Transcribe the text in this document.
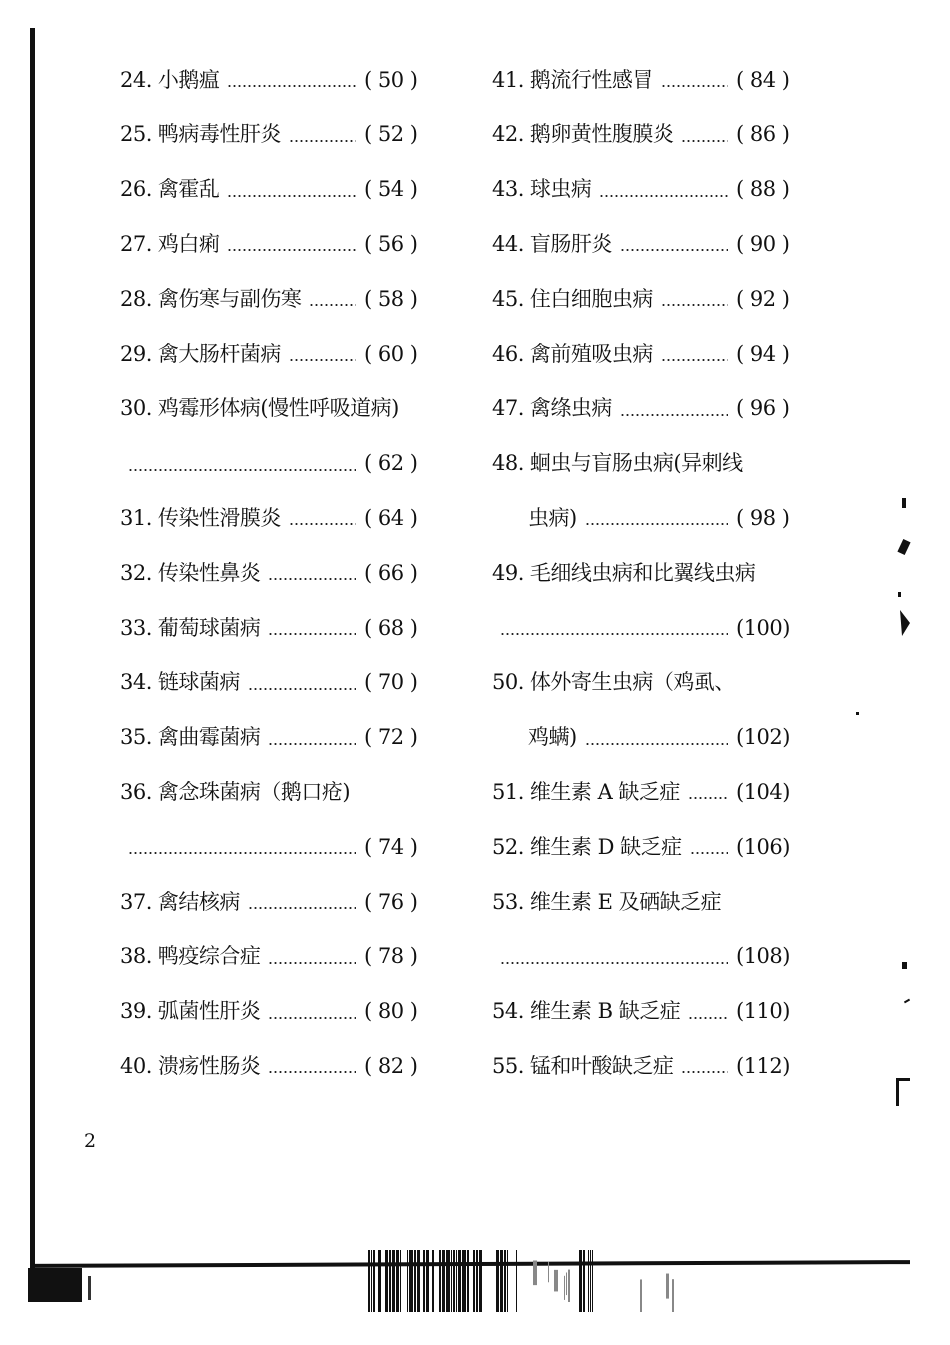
24. 小鹅瘟	( 50 )
25. 鸭病毒性肝炎	( 52 )
26. 禽霍乱	( 54 )
27. 鸡白痢	( 56 )
28. 禽伤寒与副伤寒	( 58 )
29. 禽大肠杆菌病	( 60 )
30. 鸡霉形体病(慢性呼吸道病)
( 62 )
31. 传染性滑膜炎	( 64 )
32. 传染性鼻炎	( 66 )
33. 葡萄球菌病	( 68 )
34. 链球菌病	( 70 )
35. 禽曲霉菌病	( 72 )
36. 禽念珠菌病（鹅口疮)
( 74 )
37. 禽结核病	( 76 )
38. 鸭疫综合症	( 78 )
39. 弧菌性肝炎	( 80 )
40. 溃疡性肠炎	( 82 )
41. 鹅流行性感冒	( 84 )
42. 鹅卵黄性腹膜炎	( 86 )
43. 球虫病	( 88 )
44. 盲肠肝炎	( 90 )
45. 住白细胞虫病	( 92 )
46. 禽前殖吸虫病	( 94 )
47. 禽绦虫病	( 96 )
48. 蛔虫与盲肠虫病(异刺线
虫病)	( 98 )
49. 毛细线虫病和比翼线虫病
(100)
50. 体外寄生虫病（鸡虱、
鸡螨)	(102)
51. 维生素 A 缺乏症	(104)
52. 维生素 D 缺乏症	(106)
53. 维生素 E 及硒缺乏症
(108)
54. 维生素 B 缺乏症	(110)
55. 锰和叶酸缺乏症	(112)
2
